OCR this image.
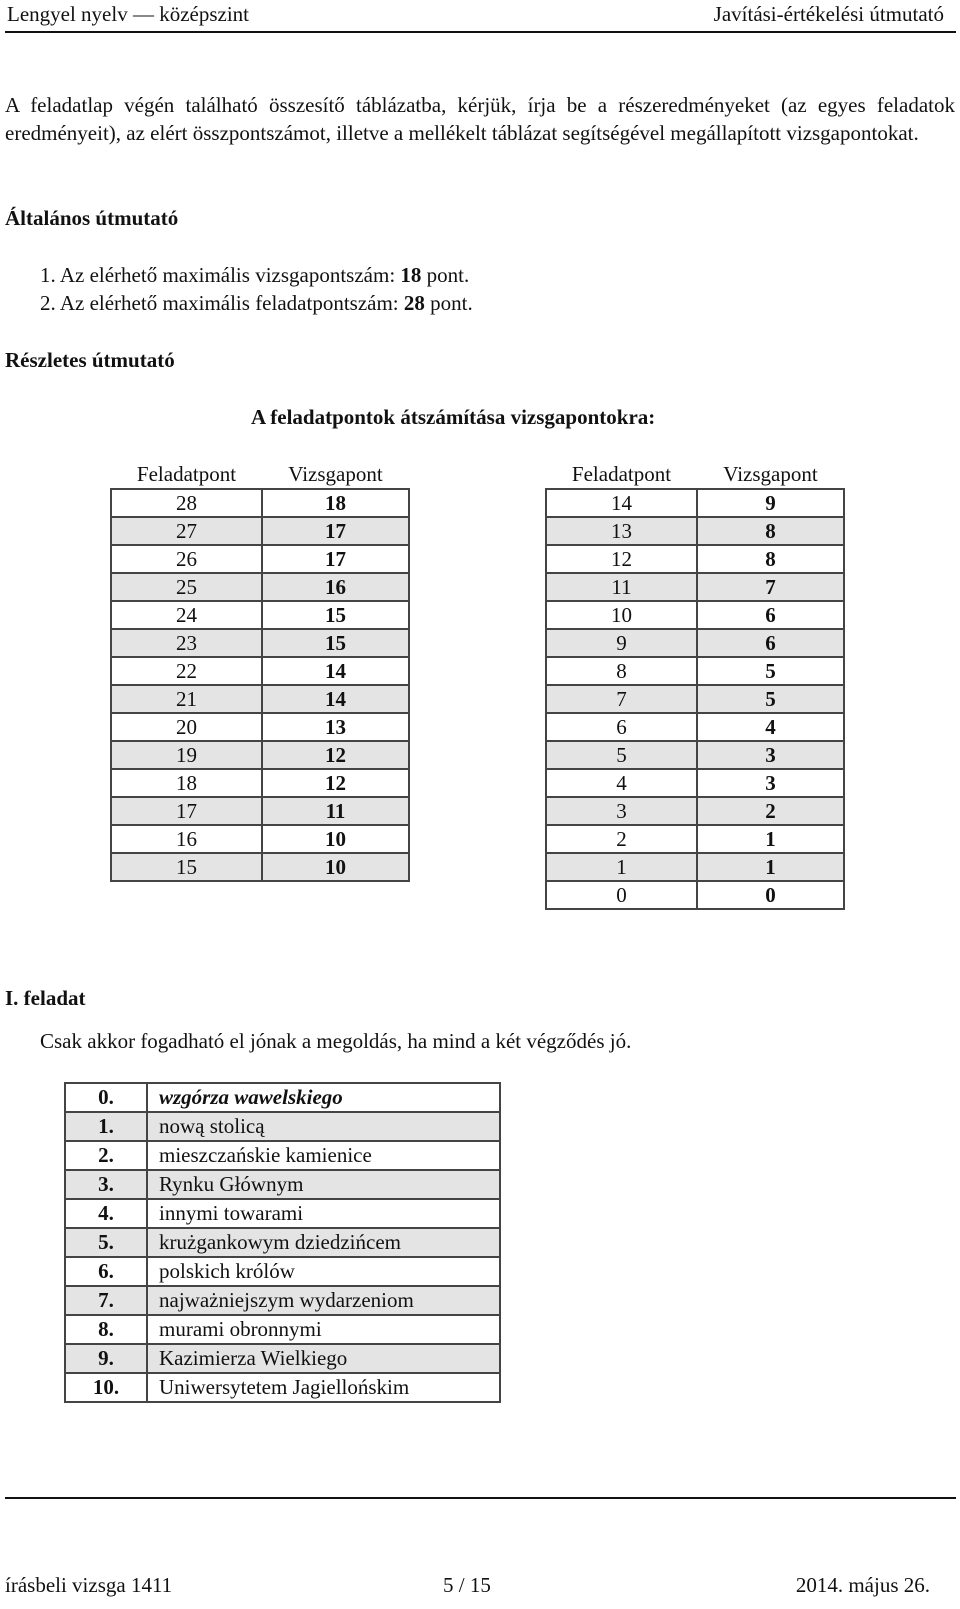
Lengyel nyelv — középszint	Javítási-értékelési útmutató
A feladatlap végén található összesítő táblázatba, kérjük, írja be a részeredményeket (az egyes feladatok eredményeit), az elért összpontszámot, illetve a mellékelt táblázat segítségével megállapított vizsgapontokat.
Általános útmutató
1. Az elérhető maximális vizsgapontszám: 18 pont.
2. Az elérhető maximális feladatpontszám: 28 pont.
Részletes útmutató
A feladatpontok átszámítása vizsgapontokra:
Feladatpont	Vizsgapont
28	18
27	17
26	17
25	16
24	15
23	15
22	14
21	14
20	13
19	12
18	12
17	11
16	10
15	10
Feladatpont	Vizsgapont
14	9
13	8
12	8
11	7
10	6
9	6
8	5
7	5
6	4
5	3
4	3
3	2
2	1
1	1
0	0
I. feladat
Csak akkor fogadható el jónak a megoldás, ha mind a két végződés jó.
0.	wzgórza wawelskiego
1.	nową stolicą
2.	mieszczańskie kamienice
3.	Rynku Głównym
4.	innymi towarami
5.	krużgankowym dziedzińcem
6.	polskich królów
7.	najważniejszym wydarzeniom
8.	murami obronnymi
9.	Kazimierza Wielkiego
10.	Uniwersytetem Jagiellońskim
írásbeli vizsga 1411	5 / 15	2014. május 26.
